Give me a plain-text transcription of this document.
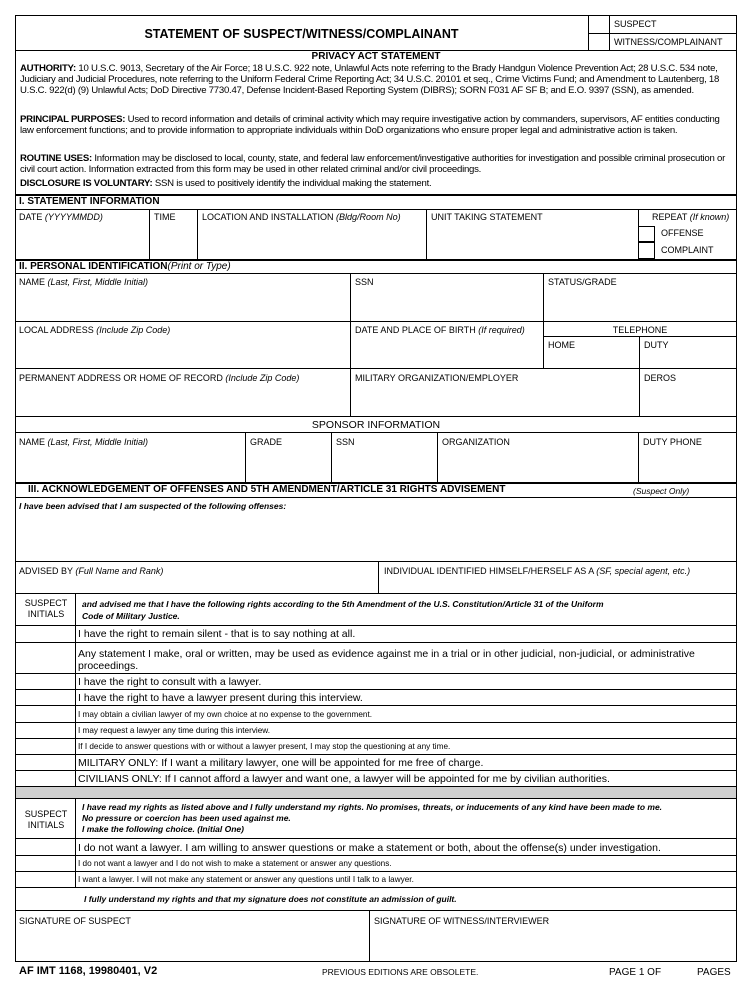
STATEMENT OF SUSPECT/WITNESS/COMPLAINANT
SUSPECT
WITNESS/COMPLAINANT
PRIVACY ACT STATEMENT
AUTHORITY: 10 U.S.C. 9013, Secretary of the Air Force; 18 U.S.C. 922 note, Unlawful Acts note referring to the Brady Handgun Violence Prevention Act; 28 U.S.C. 534 note, Judiciary and Judicial Procedures, note referring to the Uniform Federal Crime Reporting Act; 34 U.S.C. 20101 et seq., Crime Victims Fund; and Amendment to Lautenberg, 18 U.S.C. 922(d) (9) Unlawful Acts; DoD Directive 7730.47, Defense Incident-Based Reporting System (DIBRS); SORN F031 AF SF B; and E.O. 9397 (SSN), as amended.
PRINCIPAL PURPOSES: Used to record information and details of criminal activity which may require investigative action by commanders, supervisors, AF entities conducting law enforcement functions; and to provide information to appropriate individuals within DoD organizations who ensure proper legal and administrative action is taken.
ROUTINE USES: Information may be disclosed to local, county, state, and federal law enforcement/investigative authorities for investigation and possible criminal prosecution or civil court action. Information extracted from this form may be used in other related criminal and/or civil proceedings.
DISCLOSURE IS VOLUNTARY: SSN is used to positively identify the individual making the statement.
I. STATEMENT INFORMATION
DATE (YYYYMMDD)	TIME	LOCATION AND INSTALLATION (Bldg/Room No)	UNIT TAKING STATEMENT	REPEAT (If known)
OFFENSE
COMPLAINT
II. PERSONAL IDENTIFICATION(Print or Type)
NAME (Last, First, Middle Initial)	SSN	STATUS/GRADE
LOCAL ADDRESS (Include Zip Code)	DATE AND PLACE OF BIRTH (If required)	TELEPHONE
HOME	DUTY
PERMANENT ADDRESS OR HOME OF RECORD (Include Zip Code)	MILITARY ORGANIZATION/EMPLOYER	DEROS
SPONSOR INFORMATION
NAME (Last, First, Middle Initial)	GRADE	SSN	ORGANIZATION	DUTY PHONE
III. ACKNOWLEDGEMENT OF OFFENSES AND 5TH AMENDMENT/ARTICLE 31 RIGHTS ADVISEMENT	(Suspect Only)
I have been advised that I am suspected of the following offenses:
ADVISED BY (Full Name and Rank)	INDIVIDUAL IDENTIFIED HIMSELF/HERSELF AS A (SF, special agent, etc.)
SUSPECT INITIALS
and advised me that I have the following rights according to the 5th Amendment of the U.S. Constitution/Article 31 of the Uniform
Code of Military Justice.
I have the right to remain silent - that is to say nothing at all.
Any statement I make, oral or written, may be used as evidence against me in a trial or in other judicial, non-judicial, or administrative
proceedings.
I have the right to consult with a lawyer.
I have the right to have a lawyer present during this interview.
I may obtain a civilian lawyer of my own choice at no expense to the government.
I may request a lawyer any time during this interview.
If I decide to answer questions with or without a lawyer present, I may stop the questioning at any time.
MILITARY ONLY: If I want a military lawyer, one will be appointed for me free of charge.
CIVILIANS ONLY: If I cannot afford a lawyer and want one, a lawyer will be appointed for me by civilian authorities.
SUSPECT INITIALS
I have read my rights as listed above and I fully understand my rights. No promises, threats, or inducements of any kind have been made to me.
No pressure or coercion has been used against me.
I make the following choice. (Initial One)
I do not want a lawyer. I am willing to answer questions or make a statement or both, about the offense(s) under investigation.
I do not want a lawyer and I do not wish to make a statement or answer any questions.
I want a lawyer. I will not make any statement or answer any questions until I talk to a lawyer.
I fully understand my rights and that my signature does not constitute an admission of guilt.
SIGNATURE OF SUSPECT	SIGNATURE OF WITNESS/INTERVIEWER
AF IMT 1168, 19980401, V2	PREVIOUS EDITIONS ARE OBSOLETE.	PAGE 1 OF	PAGES
